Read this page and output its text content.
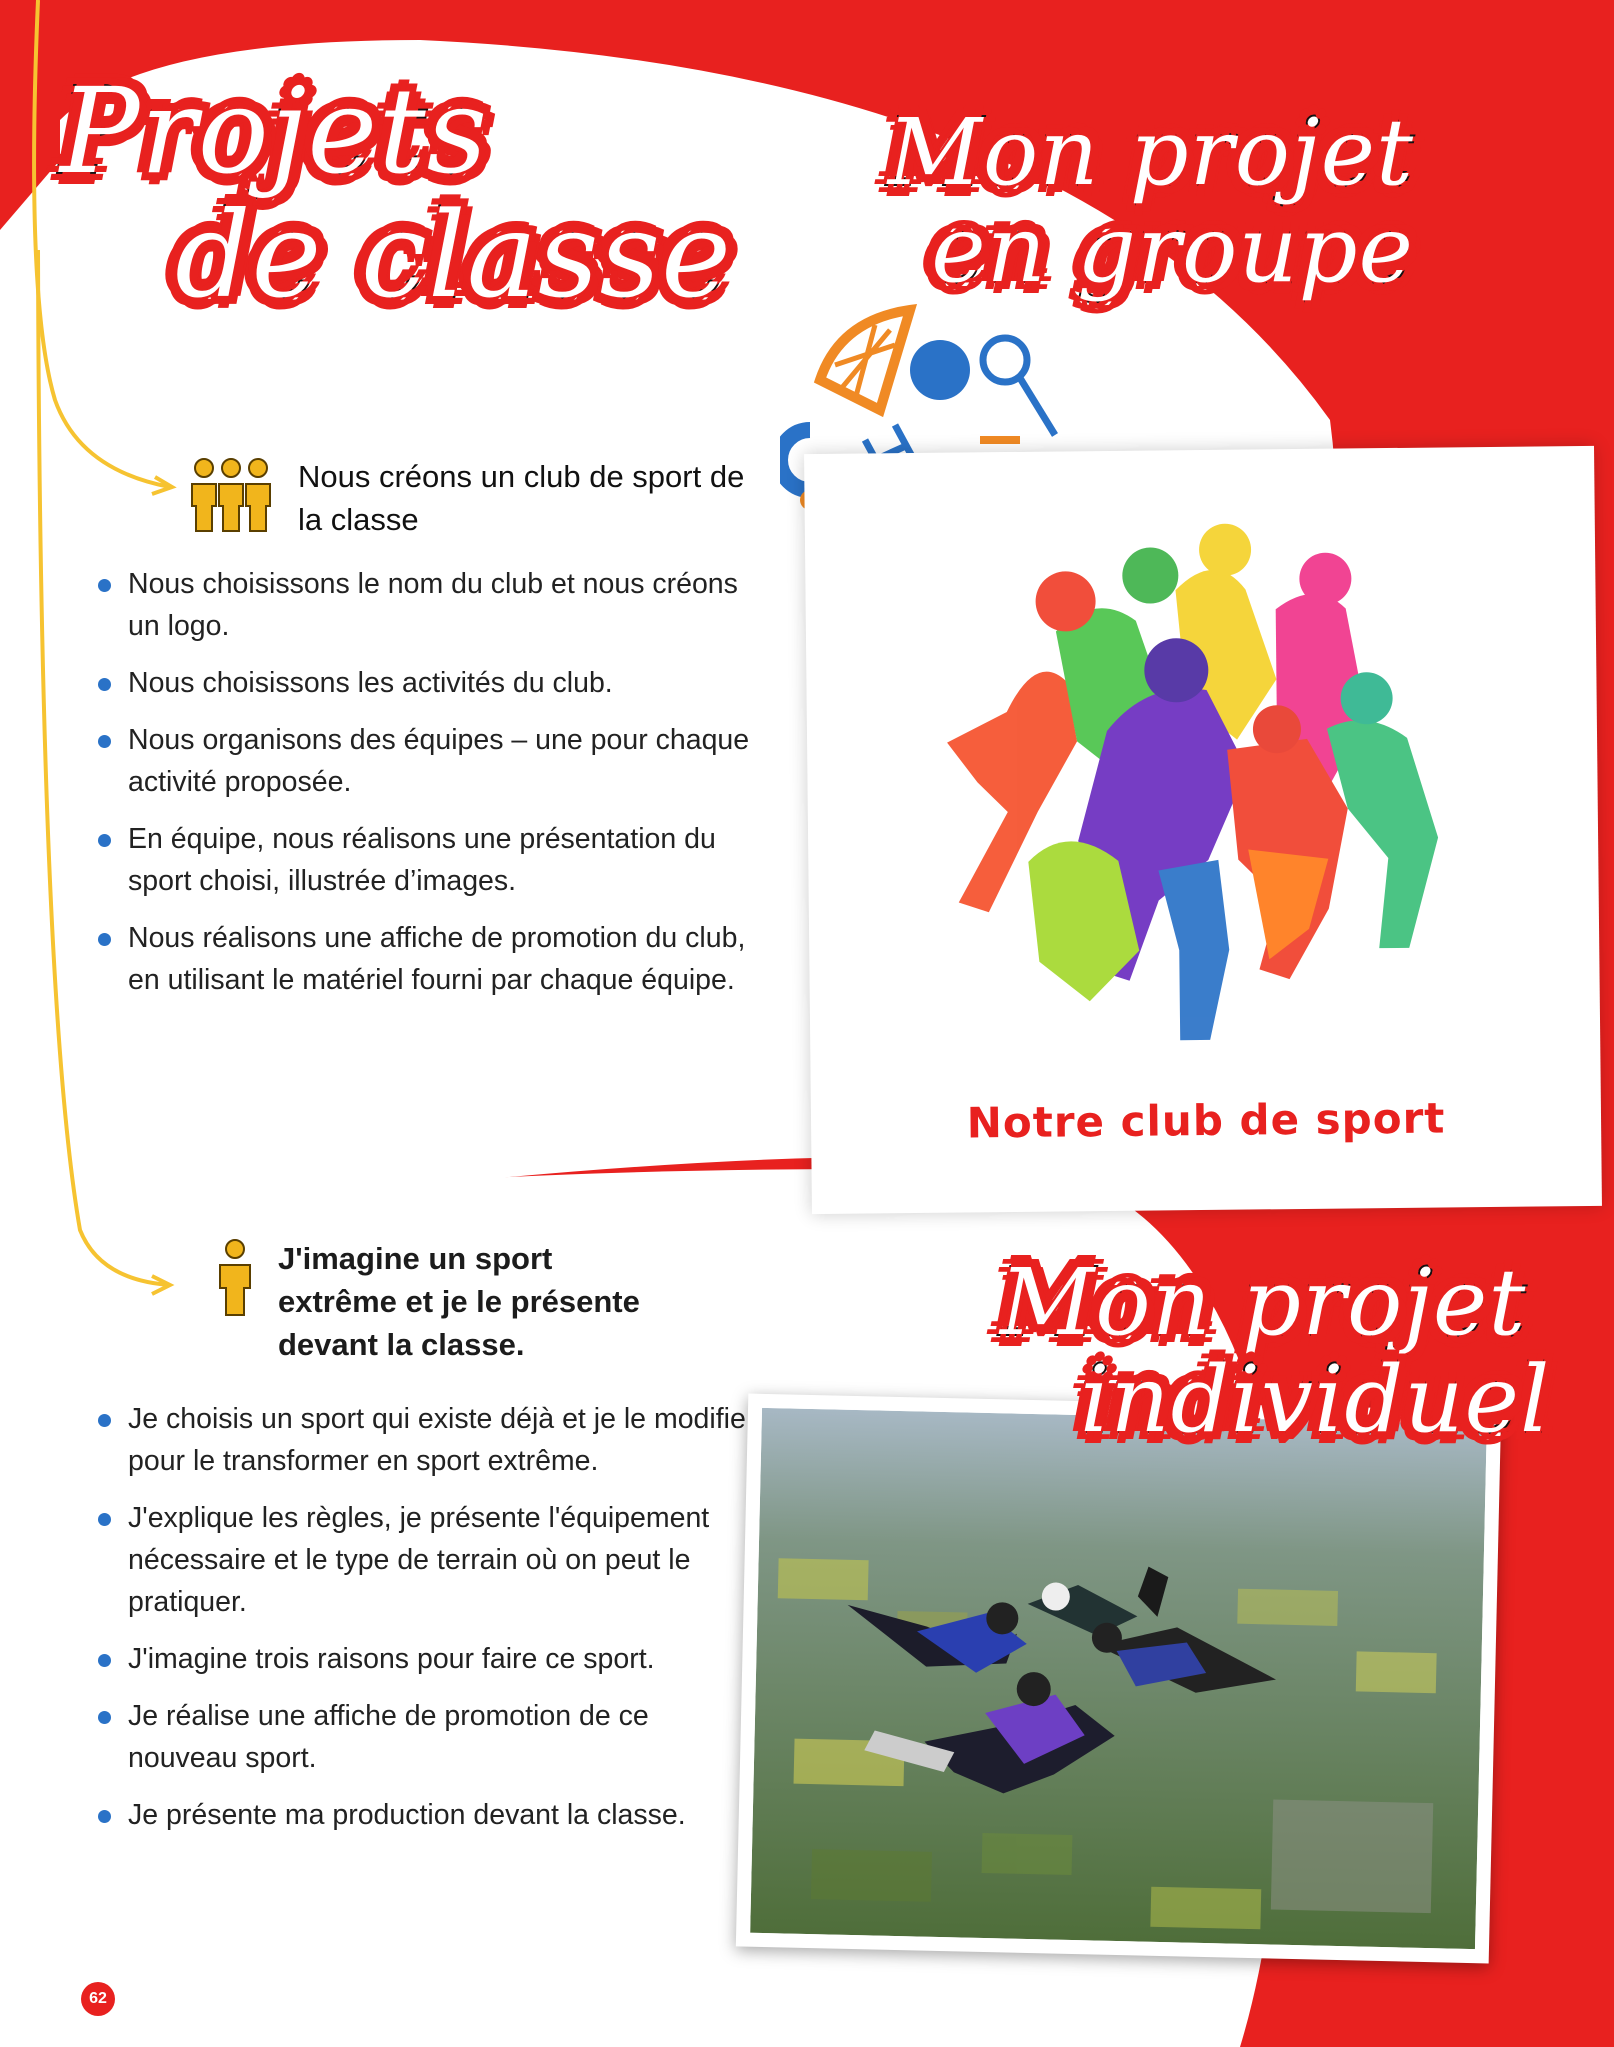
Projets
de classe
Mon projet
en groupe
Nous créons un club de sport de la classe
Nous choisissons le nom du club et nous créons un logo.
Nous choisissons les activités du club.
Nous organisons des équipes – une pour chaque activité proposée.
En équipe, nous réalisons une présentation du sport choisi, illustrée d’images.
Nous réalisons une affiche de promotion du club, en utilisant le matériel fourni par chaque équipe.
Notre club de sport
J'imagine un sport extrême et je le présente devant la classe.
Je choisis un sport qui existe déjà et je le modifie pour le transformer en sport extrême.
J'explique les règles, je présente l'équipement nécessaire et le type de terrain où on peut le pratiquer.
J'imagine trois raisons pour faire ce sport.
Je réalise une affiche de promotion de ce nouveau sport.
Je présente ma production devant la classe.
Mon projet
individuel
62
